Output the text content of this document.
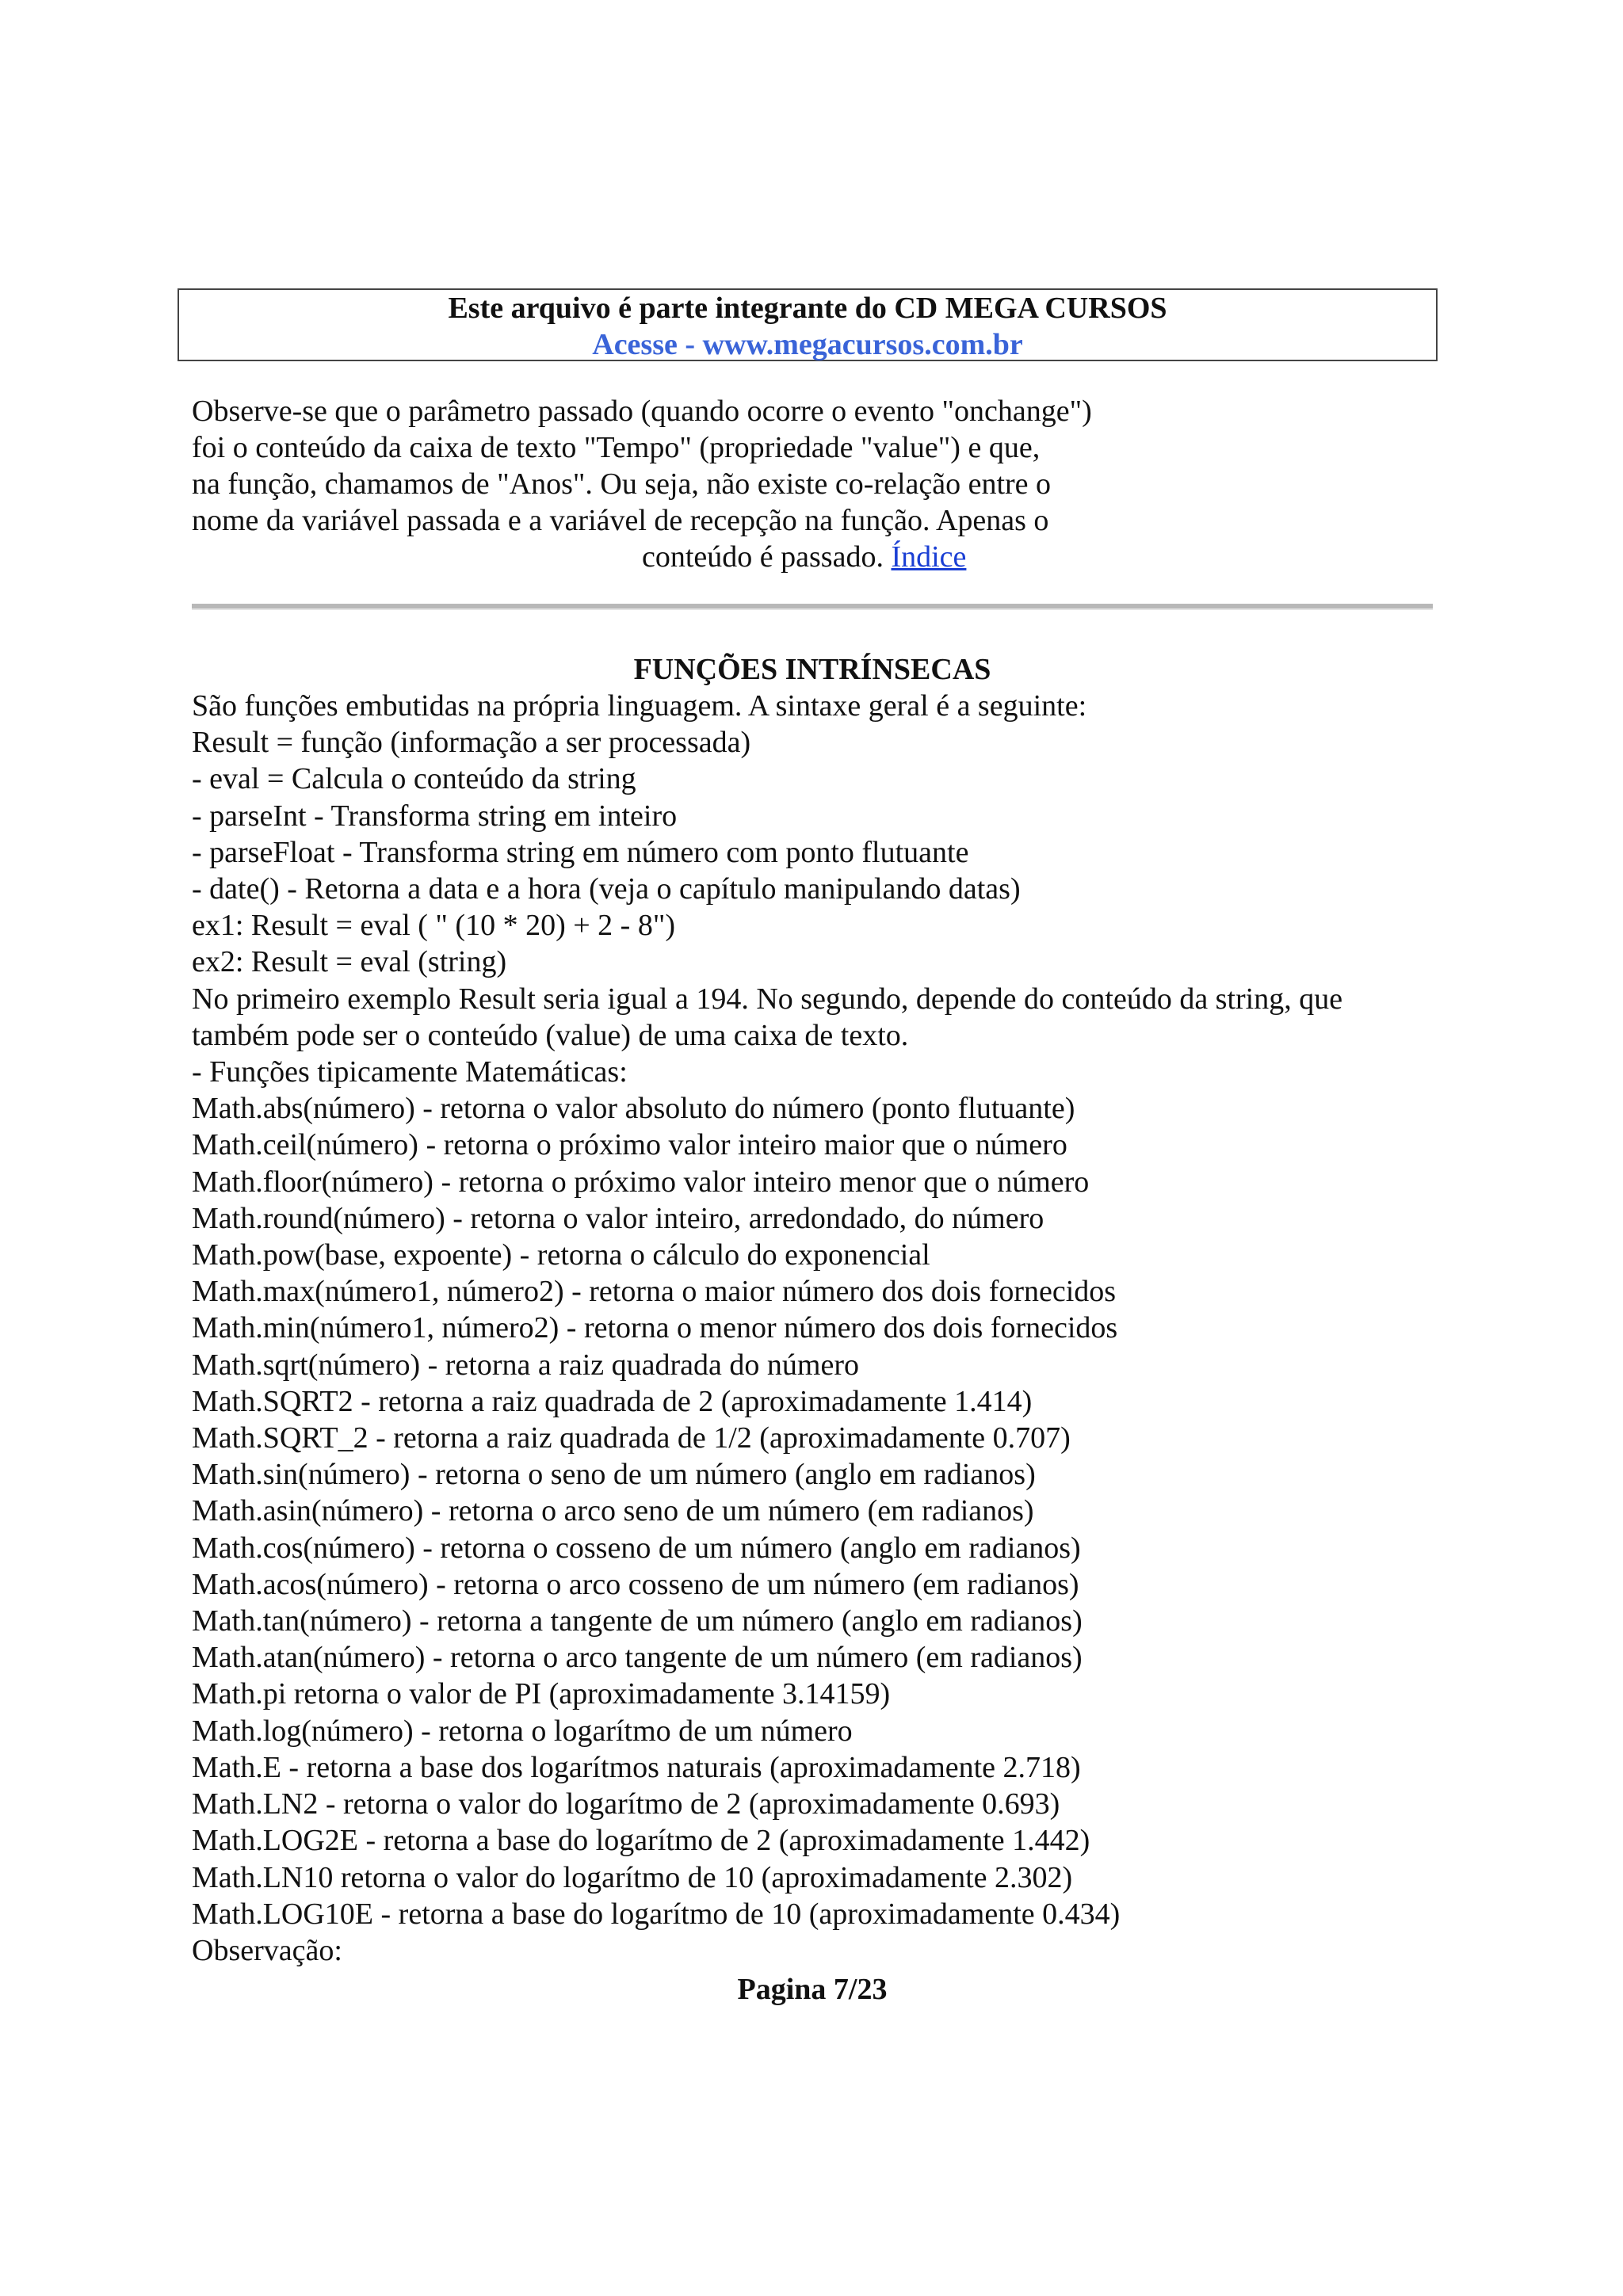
Este arquivo é parte integrante do CD MEGA CURSOS
Acesse - www.megacursos.com.br
Observe-se que o parâmetro passado (quando ocorre o evento "onchange")
foi o conteúdo da caixa de texto "Tempo" (propriedade "value") e que,
na função, chamamos de "Anos". Ou seja, não existe co-relação entre o
nome da variável passada e a variável de recepção na função. Apenas o
conteúdo é passado. Índice
FUNÇÕES INTRÍNSECAS
São funções embutidas na própria linguagem. A sintaxe geral é a seguinte:
Result = função (informação a ser processada)
- eval = Calcula o conteúdo da string
- parseInt - Transforma string em inteiro
- parseFloat - Transforma string em número com ponto flutuante
- date() - Retorna a data e a hora (veja o capítulo manipulando datas)
ex1: Result = eval ( " (10 * 20) + 2 - 8")
ex2: Result = eval (string)
No primeiro exemplo Result seria igual a 194. No segundo, depende do conteúdo da string, que
também pode ser o conteúdo (value) de uma caixa de texto.
- Funções tipicamente Matemáticas:
Math.abs(número) - retorna o valor absoluto do número (ponto flutuante)
Math.ceil(número) - retorna o próximo valor inteiro maior que o número
Math.floor(número) - retorna o próximo valor inteiro menor que o número
Math.round(número) - retorna o valor inteiro, arredondado, do número
Math.pow(base, expoente) - retorna o cálculo do exponencial
Math.max(número1, número2) - retorna o maior número dos dois fornecidos
Math.min(número1, número2) - retorna o menor número dos dois fornecidos
Math.sqrt(número) - retorna a raiz quadrada do número
Math.SQRT2 - retorna a raiz quadrada de 2 (aproximadamente 1.414)
Math.SQRT_2 - retorna a raiz quadrada de 1/2 (aproximadamente 0.707)
Math.sin(número) - retorna o seno de um número (anglo em radianos)
Math.asin(número) - retorna o arco seno de um número (em radianos)
Math.cos(número) - retorna o cosseno de um número (anglo em radianos)
Math.acos(número) - retorna o arco cosseno de um número (em radianos)
Math.tan(número) - retorna a tangente de um número (anglo em radianos)
Math.atan(número) - retorna o arco tangente de um número (em radianos)
Math.pi retorna o valor de PI (aproximadamente 3.14159)
Math.log(número) - retorna o logarítmo de um número
Math.E - retorna a base dos logarítmos naturais (aproximadamente 2.718)
Math.LN2 - retorna o valor do logarítmo de 2 (aproximadamente 0.693)
Math.LOG2E - retorna a base do logarítmo de 2 (aproximadamente 1.442)
Math.LN10 retorna o valor do logarítmo de 10 (aproximadamente 2.302)
Math.LOG10E - retorna a base do logarítmo de 10 (aproximadamente 0.434)
Observação:
Pagina 7/23
